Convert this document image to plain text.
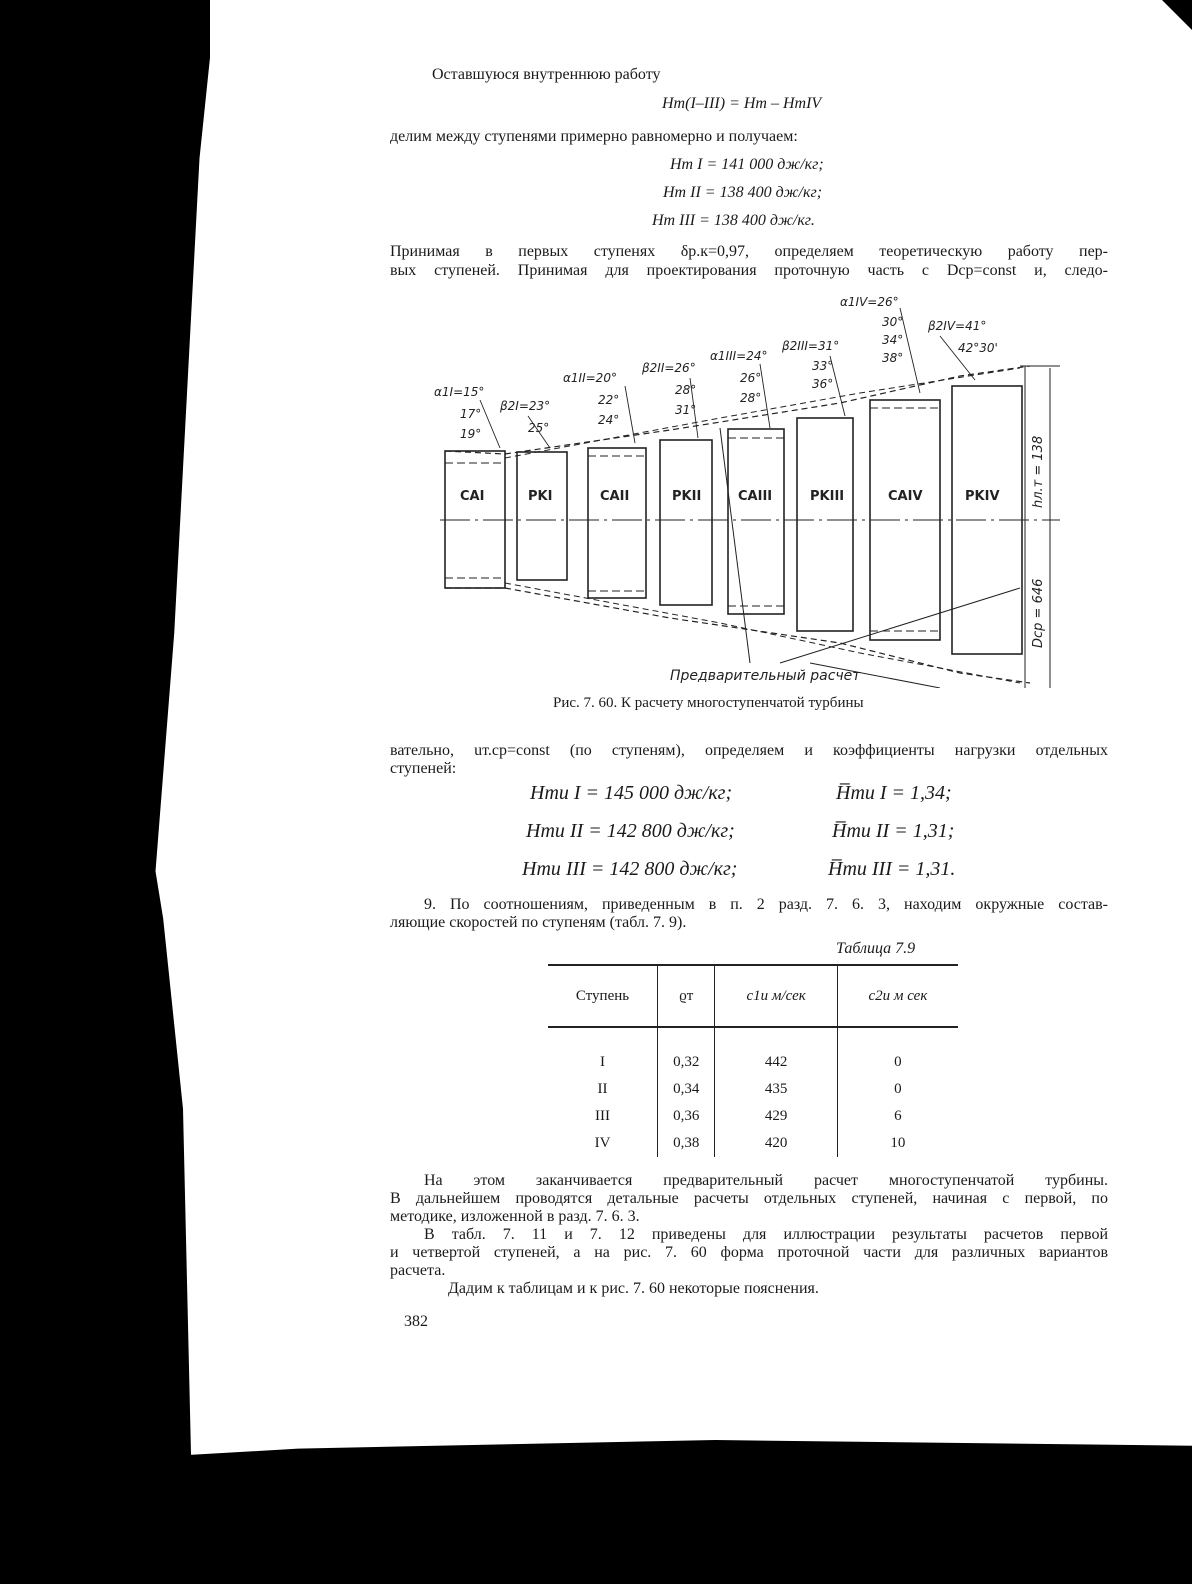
Оставшуюся внутреннюю работу
Hт(I–III) = Hт – HтIV
делим между ступенями примерно равномерно и получаем:
Hт I = 141 000 дж/кг;
Hт II = 138 400 дж/кг;
Hт III = 138 400 дж/кг.
Принимая в первых ступенях δр.к=0,97, определяем теоретическую работу пер-
вых ступеней. Принимая для проектирования проточную часть с Dср=const и, следо-
CAI	PKI	CAII	PKII	CAIII	PKIII	CAIV	PKIV
α1I=15°
17°
19°
β2I=23°
25°
α1II=20°
22°
24°
β2II=26°
28°
31°
α1III=24°
26°
28°
β2III=31°
33°
36°
α1IV=26°
30°
34°
38°
β2IV=41°
42°30'
hл.т = 138
Dср = 646
Предварительный расчет
Рис. 7. 60. К расчету многоступенчатой турбины
вательно, uт.ср=const (по ступеням), определяем и коэффициенты нагрузки отдельных
ступеней:
Hтu I = 145 000 дж/кг;	H̅тu I = 1,34;
Hтu II = 142 800 дж/кг;	H̅тu II = 1,31;
Hтu III = 142 800 дж/кг;	H̅тu III = 1,31.
9. По соотношениям, приведенным в п. 2 разд. 7. 6. 3, находим окружные состав-
ляющие скоростей по ступеням (табл. 7. 9).
Таблица 7.9
Ступень	ϱт	c1u м/сек	c2u м сек
I	0,32	442	0
II	0,34	435	0
III	0,36	429	6
IV	0,38	420	10
На этом заканчивается предварительный расчет многоступенчатой турбины.
В дальнейшем проводятся детальные расчеты отдельных ступеней, начиная с первой, по
методике, изложенной в разд. 7. 6. 3.
В табл. 7. 11 и 7. 12 приведены для иллюстрации результаты расчетов первой
и четвертой ступеней, а на рис. 7. 60 форма проточной части для различных вариантов
расчета.
Дадим к таблицам и к рис. 7. 60 некоторые пояснения.
382
